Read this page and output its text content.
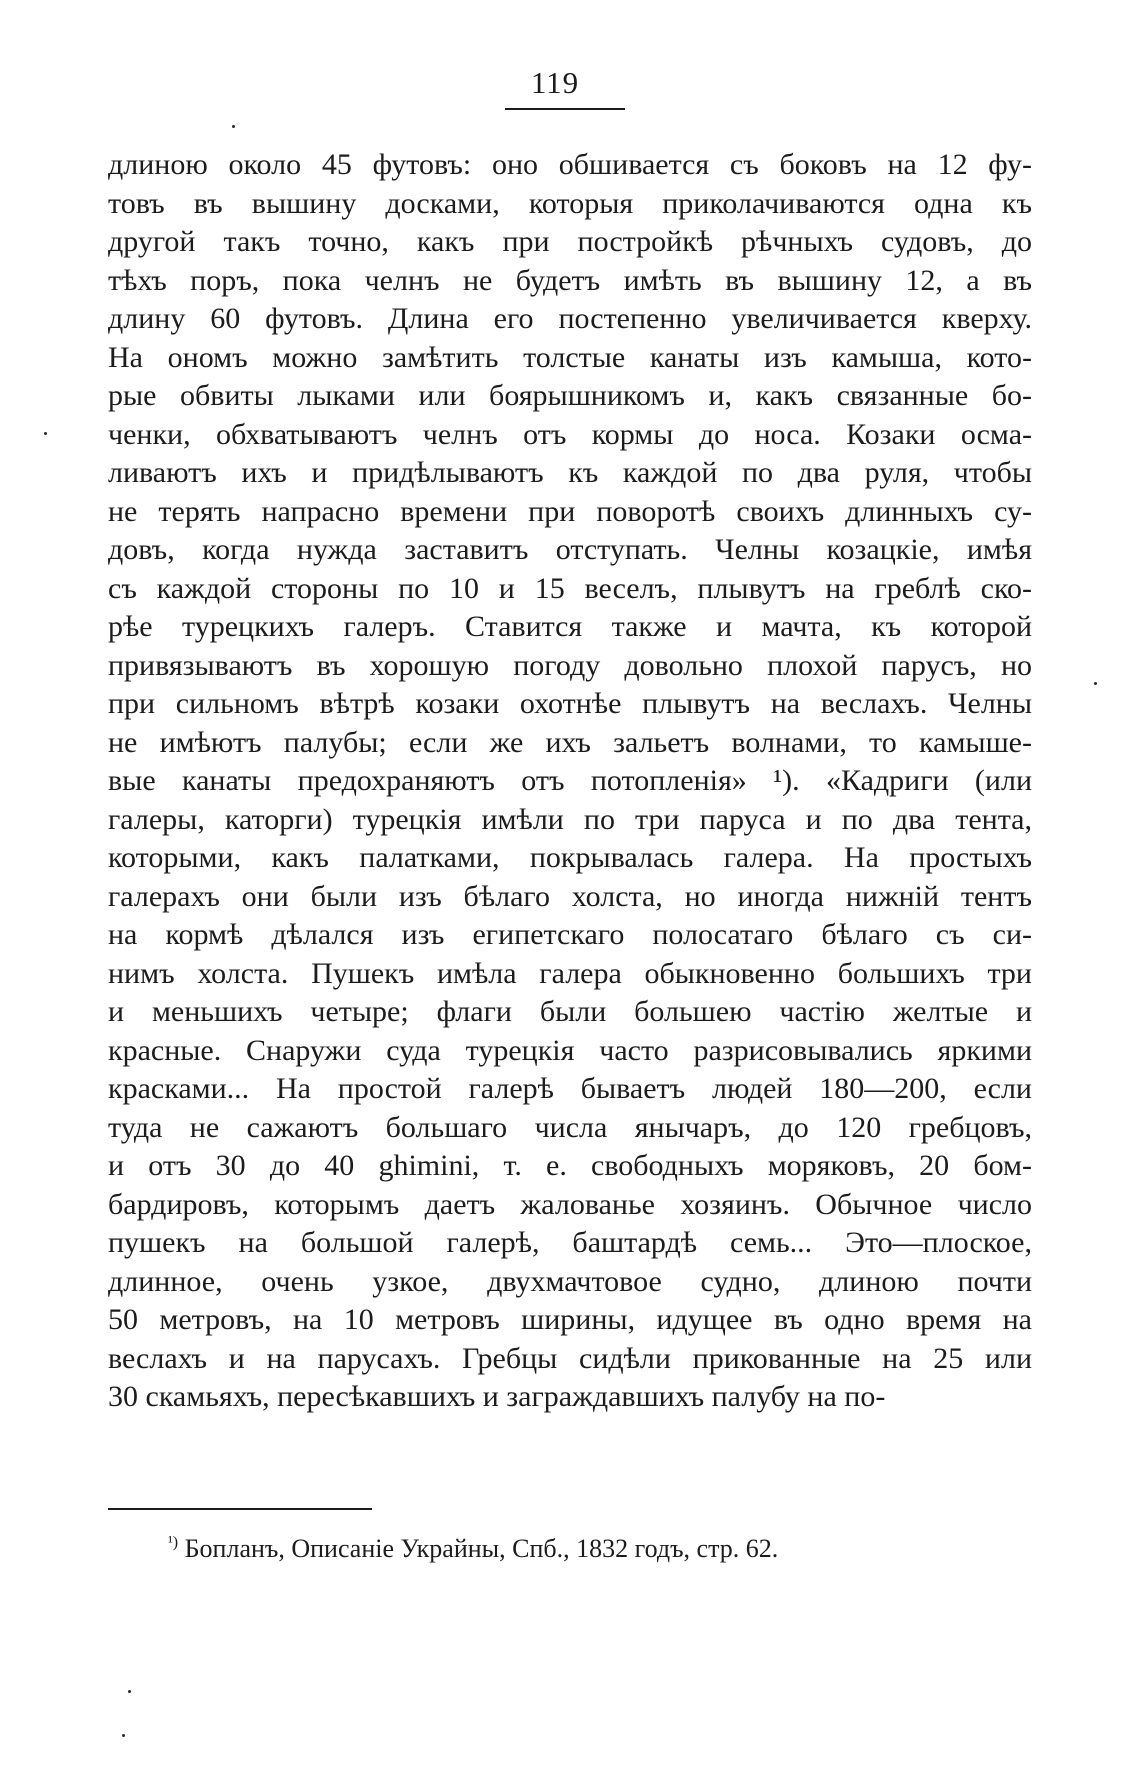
119
длиною около 45 футовъ: оно обшивается съ боковъ на 12 фу-
товъ въ вышину досками, которыя приколачиваются одна къ
другой такъ точно, какъ при постройкѣ рѣчныхъ судовъ, до
тѣхъ поръ, пока челнъ не будетъ имѣть въ вышину 12, а въ
длину 60 футовъ. Длина его постепенно увеличивается кверху.
На ономъ можно замѣтить толстые канаты изъ камыша, кото-
рые обвиты лыками или боярышникомъ и, какъ связанные бо-
ченки, обхватываютъ челнъ отъ кормы до носа. Козаки осма-
ливаютъ ихъ и придѣлываютъ къ каждой по два руля, чтобы
не терять напрасно времени при поворотѣ своихъ длинныхъ су-
довъ, когда нужда заставитъ отступать. Челны козацкіе, имѣя
съ каждой стороны по 10 и 15 веселъ, плывутъ на греблѣ ско-
рѣе турецкихъ галеръ. Ставится также и мачта, къ которой
привязываютъ въ хорошую погоду довольно плохой парусъ, но
при сильномъ вѣтрѣ козаки охотнѣе плывутъ на веслахъ. Челны
не имѣютъ палубы; если же ихъ зальетъ волнами, то камыше-
вые канаты предохраняютъ отъ потопленія» ¹). «Кадриги (или
галеры, каторги) турецкія имѣли по три паруса и по два тента,
которыми, какъ палатками, покрывалась галера. На простыхъ
галерахъ они были изъ бѣлаго холста, но иногда нижній тентъ
на кормѣ дѣлался изъ египетскаго полосатаго бѣлаго съ си-
нимъ холста. Пушекъ имѣла галера обыкновенно большихъ три
и меньшихъ четыре; флаги были большею частію желтые и
красные. Снаружи суда турецкія часто разрисовывались яркими
красками... На простой галерѣ бываетъ людей 180—200, если
туда не сажаютъ большаго числа янычаръ, до 120 гребцовъ,
и отъ 30 до 40 ghimini, т. е. свободныхъ моряковъ, 20 бом-
бардировъ, которымъ даетъ жалованье хозяинъ. Обычное число
пушекъ на большой галерѣ, баштардѣ семь... Это—плоское,
длинное, очень узкое, двухмачтовое судно, длиною почти
50 метровъ, на 10 метровъ ширины, идущее въ одно время на
веслахъ и на парусахъ. Гребцы сидѣли прикованные на 25 или
30 скамьяхъ, пересѣкавшихъ и заграждавшихъ палубу на по-
$^{^1)}$ Бопланъ, Описаніе Украйны, Спб., 1832 годъ, стр. 62.
